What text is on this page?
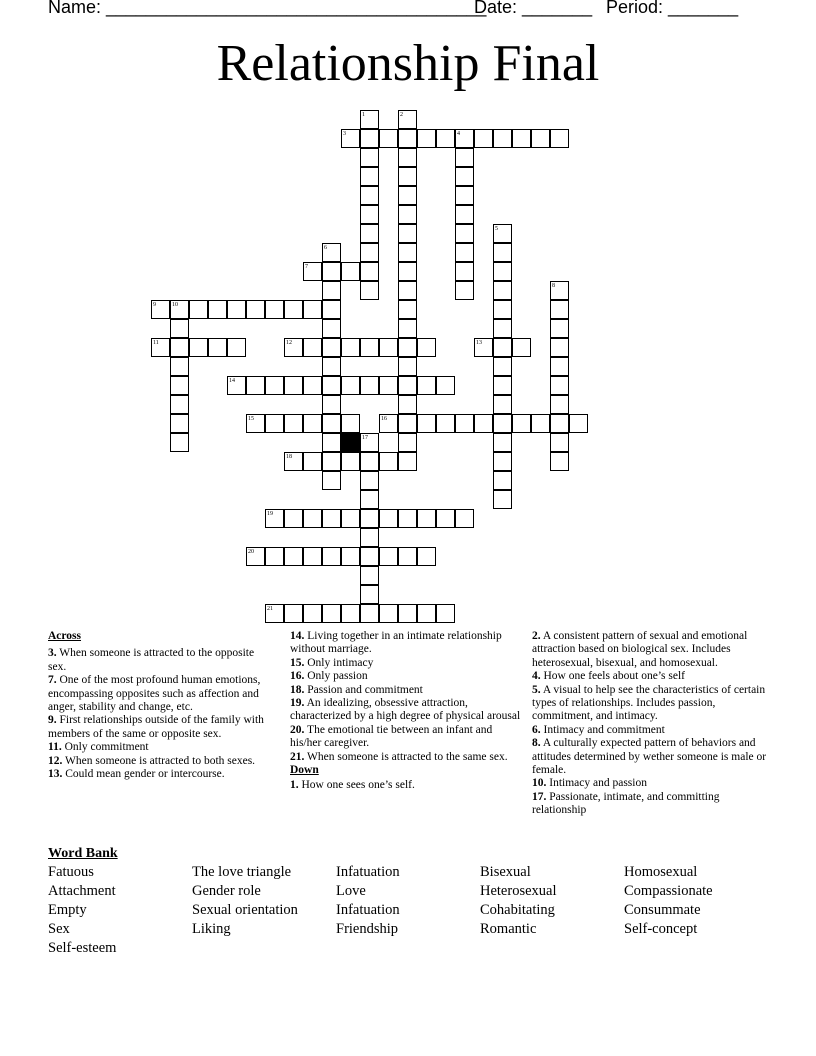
Name: ______________________________________
Date: _______ Period: _______
Relationship Final
1	2
3	4
5
6
7
8
9	10
11	12	13
14
15	16
17
18
19
20
21
Across
3. When someone is attracted to the opposite sex.
7. One of the most profound human emotions, encompassing opposites such as affection and anger, stability and change, etc.
9. First relationships outside of the family with members of the same or opposite sex.
11. Only commitment
12. When someone is attracted to both sexes.
13. Could mean gender or intercourse.
14. Living together in an intimate relationship without marriage.
15. Only intimacy
16. Only passion
18. Passion and commitment
19. An idealizing, obsessive attraction, characterized by a high degree of physical arousal
20. The emotional tie between an infant and his/her caregiver.
21. When someone is attracted to the same sex.
Down
1. How one sees one’s self.
2. A consistent pattern of sexual and emotional attraction based on biological sex. Includes heterosexual, bisexual, and homosexual.
4. How one feels about one’s self
5. A visual to help see the characteristics of certain types of relationships. Includes passion, commitment, and intimacy.
6. Intimacy and commitment
8. A culturally expected pattern of behaviors and attitudes determined by wether someone is male or female.
10. Intimacy and passion
17. Passionate, intimate, and committing relationship
Word Bank
Fatuous
Attachment
Empty
Sex
Self-esteem
The love triangle
Gender role
Sexual orientation
Liking
Infatuation
Love
Infatuation
Friendship
Bisexual
Heterosexual
Cohabitating
Romantic
Homosexual
Compassionate
Consummate
Self-concept
